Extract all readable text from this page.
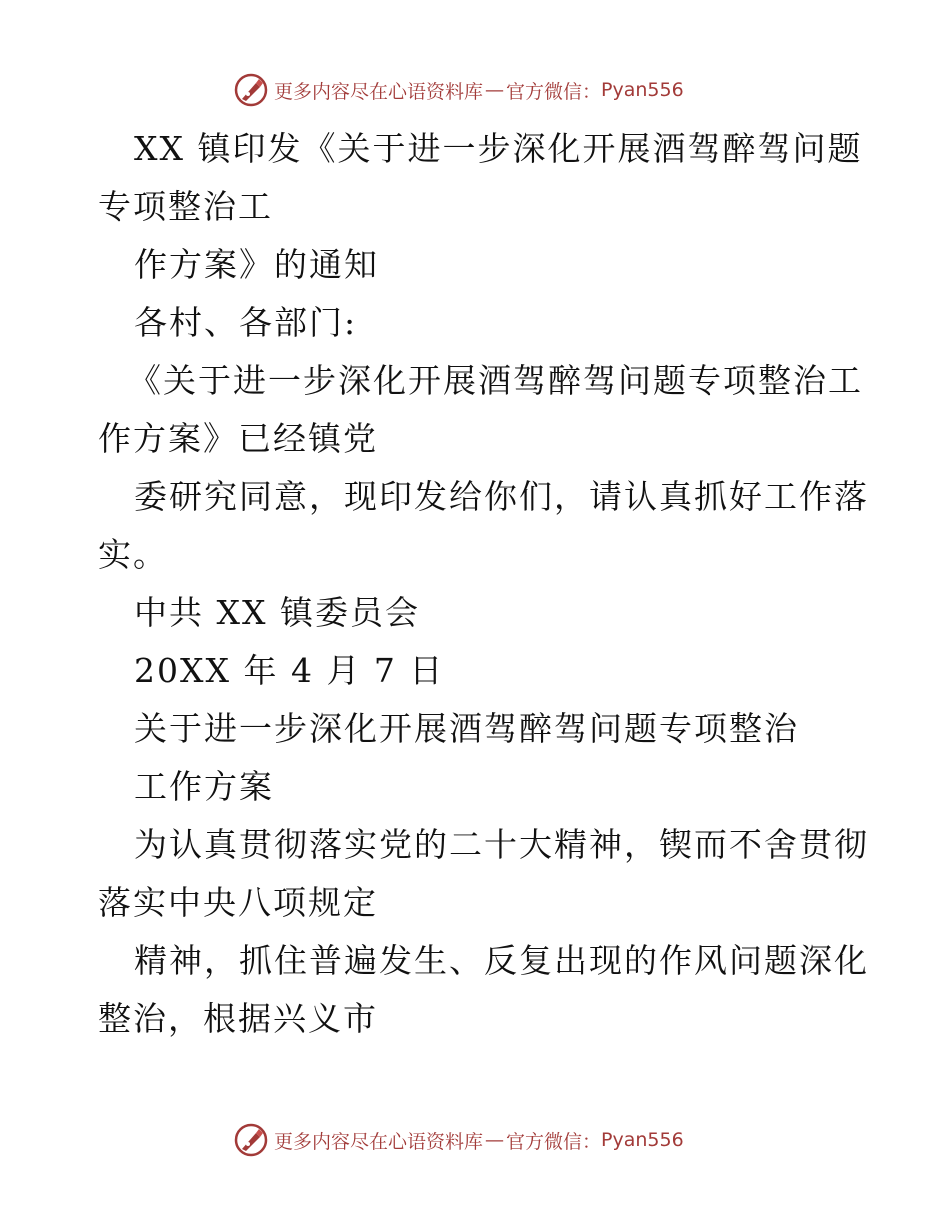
更多内容尽在心语资料库 — 官方微信： Pyan556
XX 镇印发《关于进一步深化开展酒驾醉驾问题
专项整治工
作方案》的通知
各村、各部门:
《关于进一步深化开展酒驾醉驾问题专项整治工
作方案》已经镇党
委研究同意，现印发给你们，请认真抓好工作落
实。
中共 XX 镇委员会
20XX 年 4 月 7 日
关于进一步深化开展酒驾醉驾问题专项整治
工作方案
为认真贯彻落实党的二十大精神，锲而不舍贯彻
落实中央八项规定
精神，抓住普遍发生、反复出现的作风问题深化
整治，根据兴义市
更多内容尽在心语资料库 — 官方微信： Pyan556
